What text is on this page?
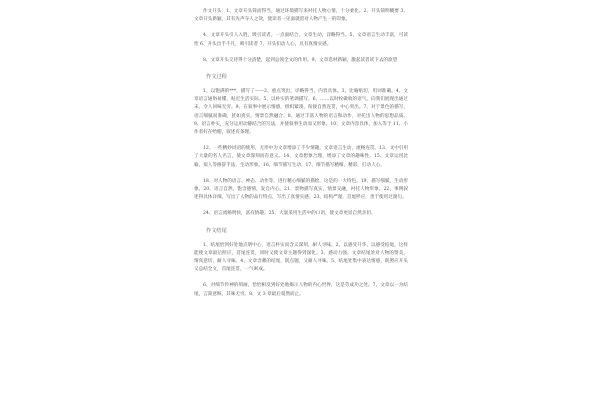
作文开头：1、文章开头简而得当，通过环境描写来衬托人物心情，十分柔化。2、开头简明概要 3、文章开头新颖，其有先声夺人之效，使读者一见面就留对人物产生一的印象。
4、文章开头引人入胜，吸引读者。一点面结合，文章生动，详略得当。5、文章语言生动丰富，可读性 6、开头出手不凡，吸引读者 7、开头扣动人心，具有真情实感。
8、文章开头交待得十分清楚，起到总领全文的作用。9、文章选材新颖，激起读者读下去的欲望
作文过程
1、以饱满的***，描写了——2、重点突出，详略得当，内容具体。3、比喻贴切，用词准确。4、文章语言通俗易懂，贴近生活实际。5、以朴实的笔调描写。6、……以时栓做收的语气，向我们展现出通过末，令人回味无穷。9、在叙事中展示情感，组织紧凑，衔接自然连贯，中心突出。7、对于景色的描写，语言细腻而准确，犹如真实。情景自然融合。8、通过丰富人物的语言和动作，对托出人物的思想品质。9、语言朴实，充分运用动静结合的写法，并使叙事生动而又形象。10、文章内容具体，加入等于 11、小作者好在给帽，叙述有条理。
12、一些精妙词语的使用，无形中为文章增添了不少情趣。文章语言生动，流畅连贯。13、文中引用了大量的名人名言，使文章深刻而有意义。14、文章想象合理，增添了文章的趣味性。15、文章运用比喻，拟人等修辞手法，生动形象。16、细节描写生动。17、细节描写精细，精彩，打动人心。
18、对人物的语言、神态、动作等，进行精心细腻的描绘，这是的一大特色。19、描写细腻，生动形象。20、语言自然，饱含感情，发自内心。21、景物描写真实，情景交融，衬托人物形象。22、事例叙述得具体详细，写出了人物的品行特点，写出了真情实感。23、结构严谨，首尾呼应，善于使用过渡句。
24、语言流畅明快，富有情趣。25、大量采用生活中的口语，使文章更显自然亲切。
作文结尾
1、结尾恰到好处地点明中心，语言朴实而含义深刻，耐人寻味。2、以感受升华，以感受结尾，这样能使文章最后照应，首尾连贯，同时又使文章主题得到深化。3、感动力强，文章结尾处对人物的赞美，情真意切，耐人寻味。4、文章含蓄的结尾，既点题，又耐人寻味。5、结尾处集中表达情感，既照应开头又总结全文，首尾连贯，一气呵成。
6、对细节传神的刻画，恰恰相反到好处地揭示人物的内心世界，这是劳成功之处。7、文章以一为结尾，言简意赅，其味无穷。8、文 3 章最后戛然而止。
